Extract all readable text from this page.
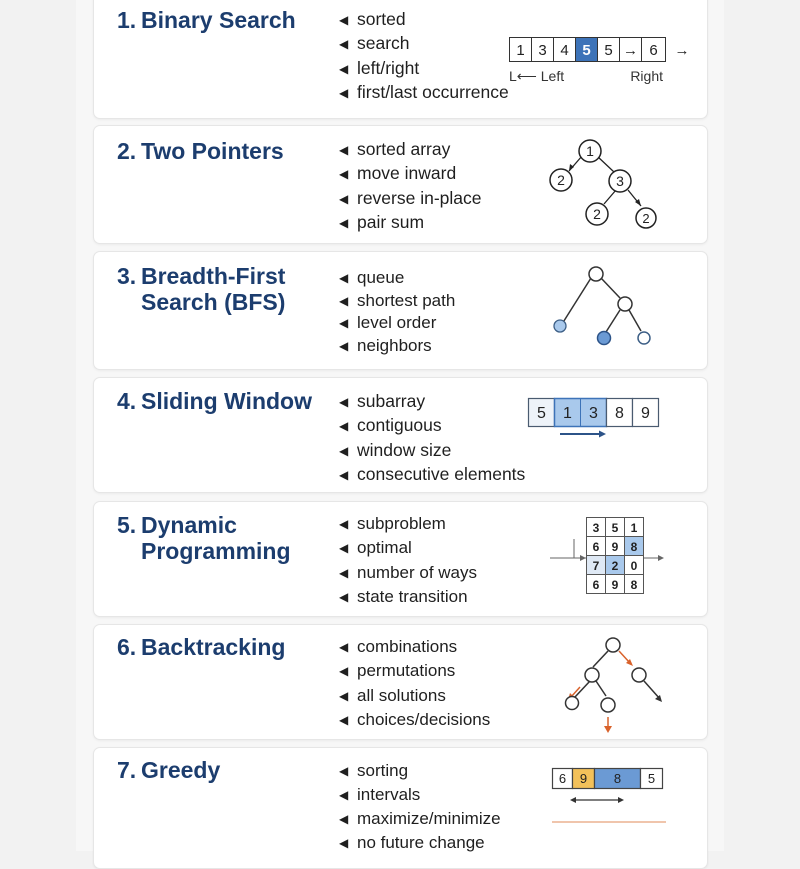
1. Binary Search	◀ sorted
◀ search
◀ left/right
◀ first/last occurrence
1 3 4 5 5 → 6 →
L⟵ Left	Right
2. Two Pointers	◀ sorted array
◀ move inward
◀ reverse in-place
◀ pair sum
1
2	3
2	2
3. Breadth-First
Search (BFS)
◀ queue
◀ shortest path
◀ level order
◀ neighbors
4. Sliding Window	◀ subarray
◀ contiguous
◀ window size
◀ consecutive elements
5 1 3 8 9
5. Dynamic
Programming
◀ subproblem
◀ optimal
◀ number of ways
◀ state transition
3 5 1
6 9 8
7 2 0
6 9 8
6. Backtracking	◀ combinations
◀ permutations
◀ all solutions
◀ choices/decisions
7. Greedy	◀ sorting
◀ intervals
◀ maximize/minimize
◀ no future change
6 9 8 5
